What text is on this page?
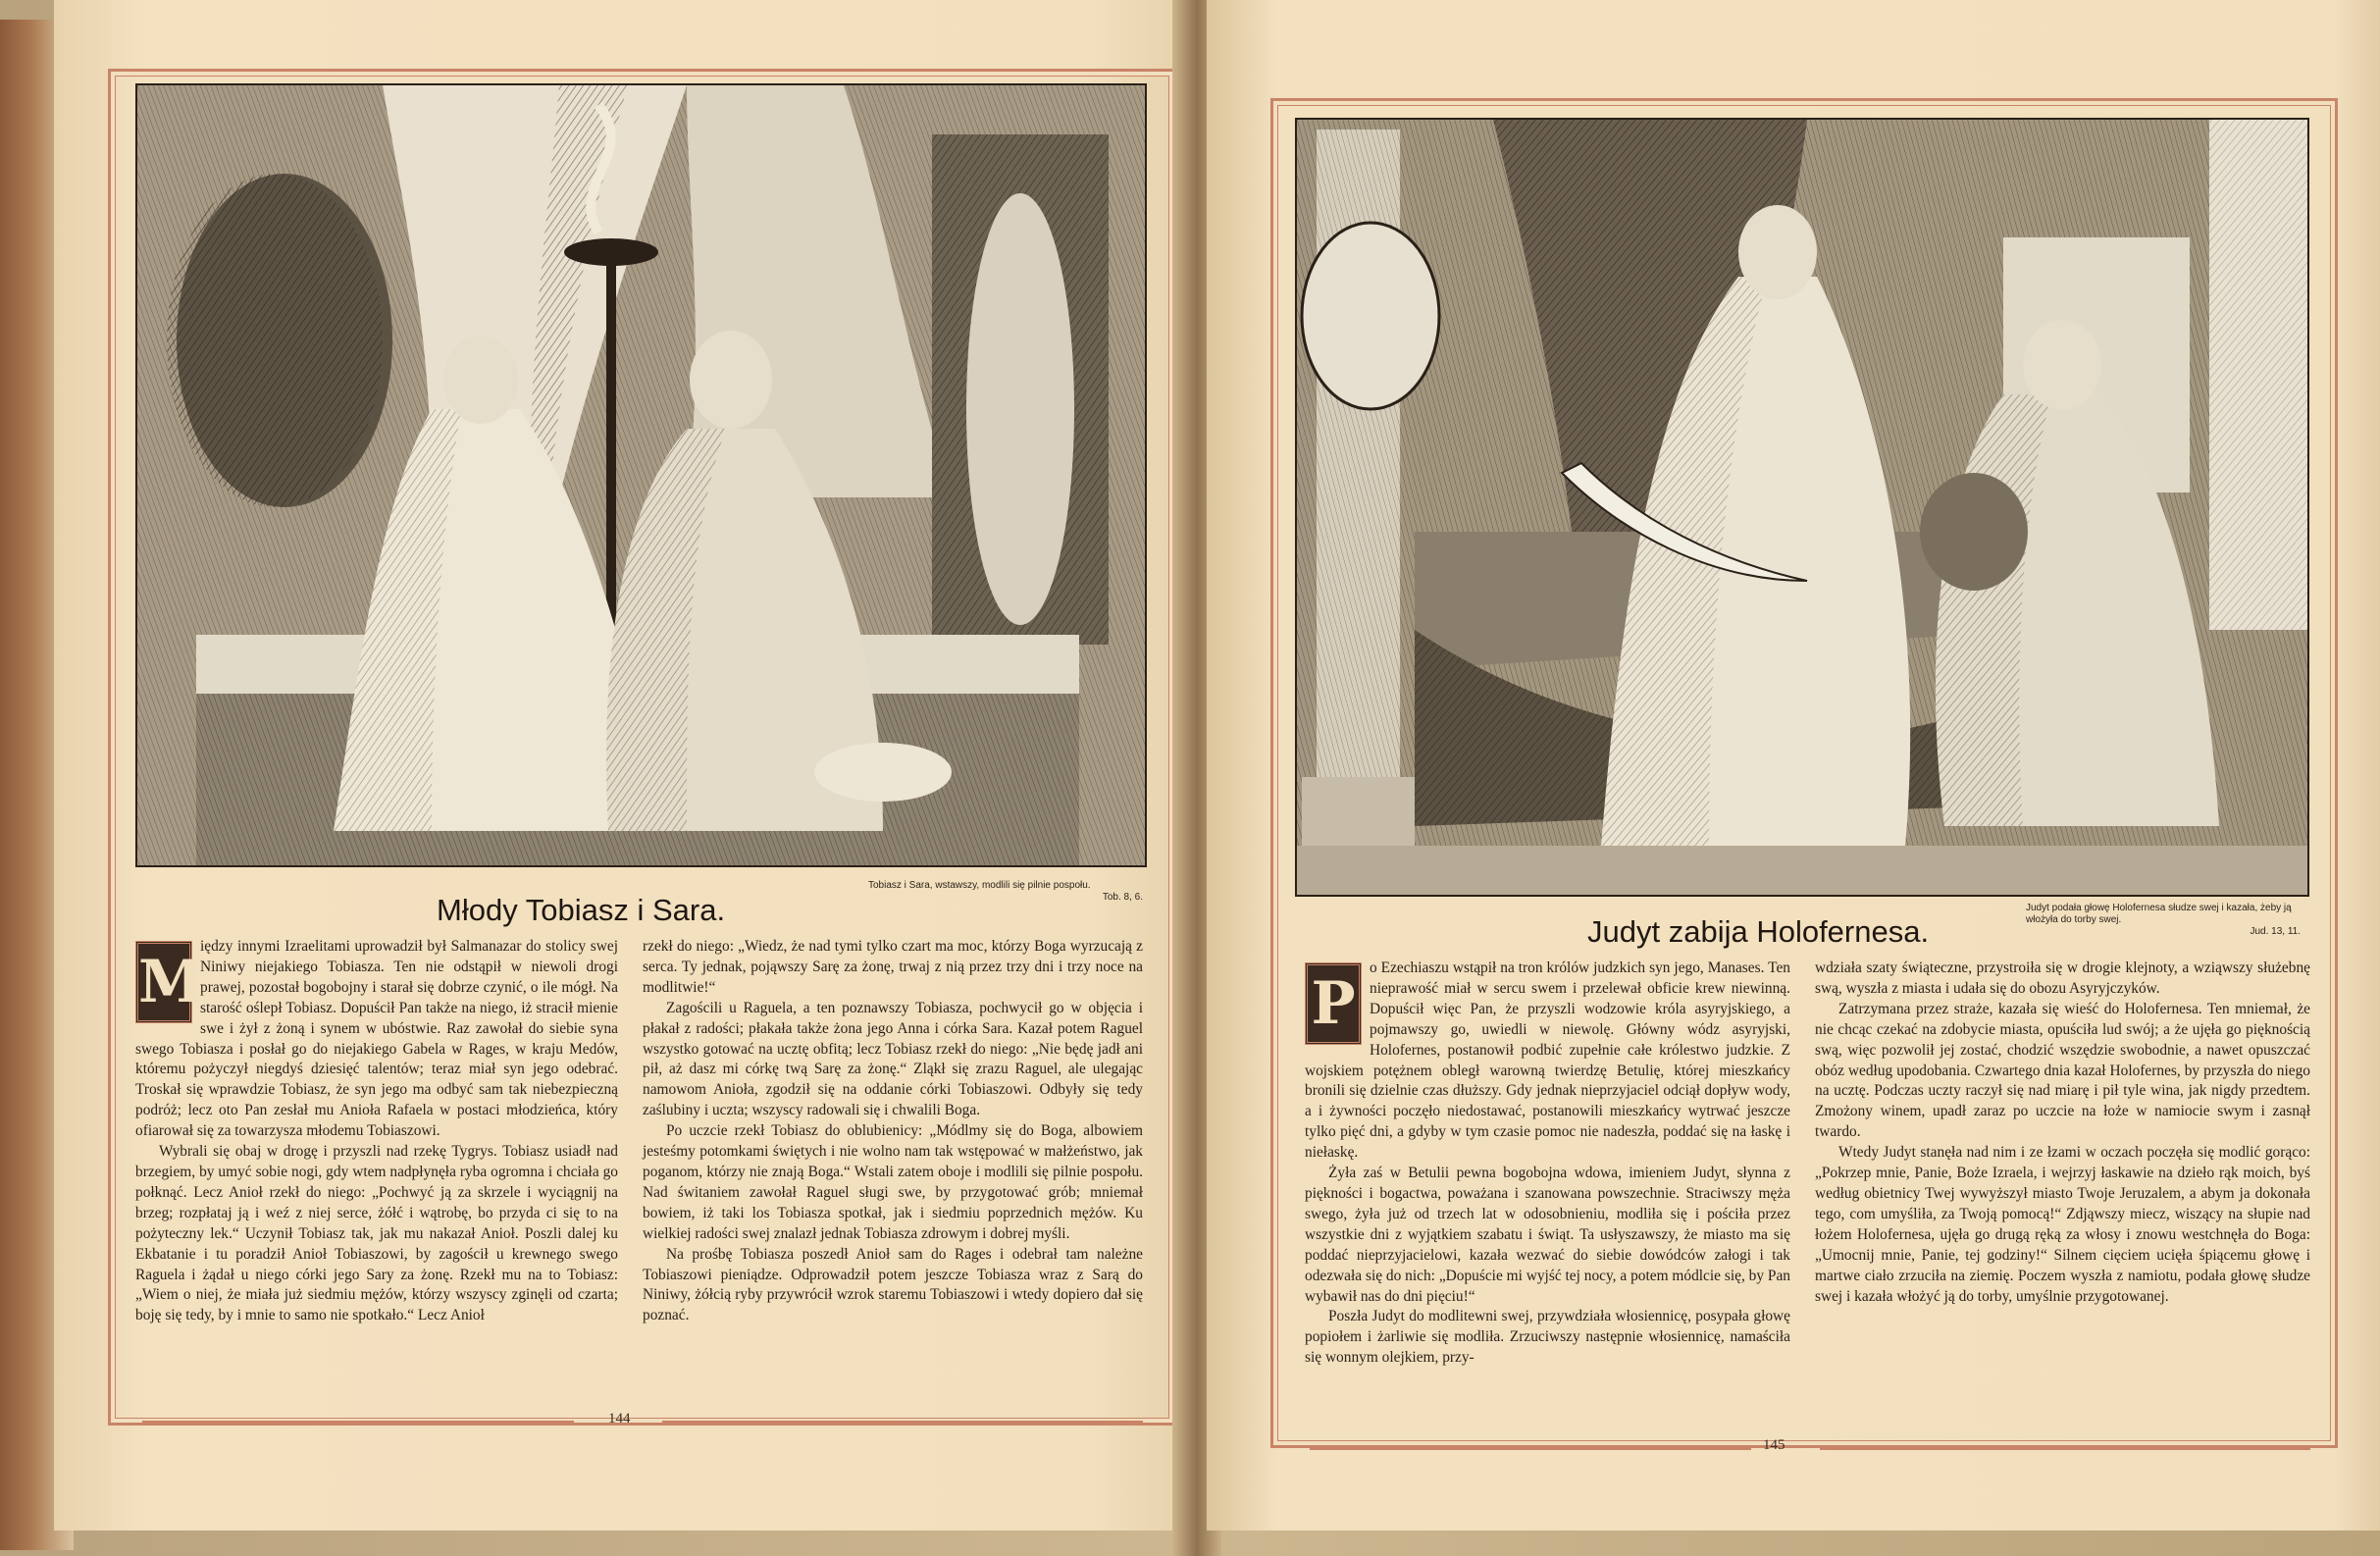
Tobiasz i Sara, wstawszy, modlili się pilnie pospołu.
Tob. 8, 6.
Młody Tobiasz i Sara.
M

iędzy innymi Izraelitami uprowadził był Salmanazar do stolicy swej Niniwy niejakiego Tobiasza. Ten nie odstąpił w niewoli drogi prawej, pozostał bogobojny i starał się dobrze czynić, o ile mógł. Na starość oślepł Tobiasz. Dopuścił Pan także na niego, iż stracił mienie swe i żył z żoną i synem w ubóstwie. Raz zawołał do siebie syna swego Tobiasza i posłał go do niejakiego Gabela w Rages, w kraju Medów, któremu pożyczył niegdyś dziesięć talentów; teraz miał syn jego odebrać. Troskał się wprawdzie Tobiasz, że syn jego ma odbyć sam tak niebezpieczną podróż; lecz oto Pan zesłał mu Anioła Rafaela w postaci młodzieńca, który ofiarował się za towarzysza młodemu Tobiaszowi.

Wybrali się obaj w drogę i przyszli nad rzekę Tygrys. Tobiasz usiadł nad brzegiem, by umyć sobie nogi, gdy wtem nadpłynęła ryba ogromna i chciała go połknąć. Lecz Anioł rzekł do niego: „Pochwyć ją za skrzele i wyciągnij na brzeg; rozpłataj ją i weź z niej serce, żółć i wątrobę, bo przyda ci się to na pożyteczny lek.“ Uczynił Tobiasz tak, jak mu nakazał Anioł. Poszli dalej ku Ekbatanie i tu poradził Anioł Tobiaszowi, by zagościł u krewnego swego Raguela i żądał u niego córki jego Sary za żonę. Rzekł mu na to Tobiasz: „Wiem o niej, że miała już siedmiu mężów, którzy wszyscy zginęli od czarta; boję się tedy, by i mnie to samo nie spotkało.“ Lecz Anioł

rzekł do niego: „Wiedz, że nad tymi tylko czart ma moc, którzy Boga wyrzucają z serca. Ty jednak, pojąwszy Sarę za żonę, trwaj z nią przez trzy dni i trzy noce na modlitwie!“

Zagościli u Raguela, a ten poznawszy Tobiasza, pochwycił go w objęcia i płakał z radości; płakała także żona jego Anna i córka Sara. Kazał potem Raguel wszystko gotować na ucztę obfitą; lecz Tobiasz rzekł do niego: „Nie będę jadł ani pił, aż dasz mi córkę twą Sarę za żonę.“ Zląkł się zrazu Raguel, ale ulegając namowom Anioła, zgodził się na oddanie córki Tobiaszowi. Odbyły się tedy zaślubiny i uczta; wszyscy radowali się i chwalili Boga.

Po uczcie rzekł Tobiasz do oblubienicy: „Módlmy się do Boga, albowiem jesteśmy potomkami świętych i nie wolno nam tak wstępować w małżeństwo, jak poganom, którzy nie znają Boga.“ Wstali zatem oboje i modlili się pilnie pospołu. Nad świtaniem zawołał Raguel sługi swe, by przygotować grób; mniemał bowiem, iż taki los Tobiasza spotkał, jak i siedmiu poprzednich mężów. Ku wielkiej radości swej znalazł jednak Tobiasza zdrowym i dobrej myśli.

Na prośbę Tobiasza poszedł Anioł sam do Rages i odebrał tam należne Tobiaszowi pieniądze. Odprowadził potem jeszcze Tobiasza wraz z Sarą do Niniwy, żółcią ryby przywrócił wzrok staremu Tobiaszowi i wtedy dopiero dał się poznać.

144
Judyt podała głowę Holofernesa słudze swej i kazała, żeby ją włożyła do torby swej.
Jud. 13, 11.
Judyt zabija Holofernesa.
P

o Ezechiaszu wstąpił na tron królów judzkich syn jego, Manases. Ten nieprawość miał w sercu swem i przelewał obficie krew niewinną. Dopuścił więc Pan, że przyszli wodzowie króla asyryjskiego, a pojmawszy go, uwiedli w niewolę. Główny wódz asyryjski, Holofernes, postanowił podbić zupełnie całe królestwo judzkie. Z wojskiem potężnem obległ warowną twierdzę Betulię, której mieszkańcy bronili się dzielnie czas dłuższy. Gdy jednak nieprzyjaciel odciął dopływ wody, a i żywności poczęło niedostawać, postanowili mieszkańcy wytrwać jeszcze tylko pięć dni, a gdyby w tym czasie pomoc nie nadeszła, poddać się na łaskę i niełaskę.

Żyła zaś w Betulii pewna bogobojna wdowa, imieniem Judyt, słynna z piękności i bogactwa, poważana i szanowana powszechnie. Straciwszy męża swego, żyła już od trzech lat w odosobnieniu, modliła się i pościła przez wszystkie dni z wyjątkiem szabatu i świąt. Ta usłyszawszy, że miasto ma się poddać nieprzyjacielowi, kazała wezwać do siebie dowódców załogi i tak odezwała się do nich: „Dopuście mi wyjść tej nocy, a potem módlcie się, by Pan wybawił nas do dni pięciu!“

Poszła Judyt do modlitewni swej, przywdziała włosiennicę, posypała głowę popiołem i żarliwie się modliła. Zrzuciwszy następnie włosiennicę, namaściła się wonnym olejkiem, przy-

wdziała szaty świąteczne, przystroiła się w drogie klejnoty, a wziąwszy służebnę swą, wyszła z miasta i udała się do obozu Asyryjczyków.

Zatrzymana przez straże, kazała się wieść do Holofernesa. Ten mniemał, że nie chcąc czekać na zdobycie miasta, opuściła lud swój; a że ujęła go pięknością swą, więc pozwolił jej zostać, chodzić wszędzie swobodnie, a nawet opuszczać obóz według upodobania. Czwartego dnia kazał Holofernes, by przyszła do niego na ucztę. Podczas uczty raczył się nad miarę i pił tyle wina, jak nigdy przedtem. Zmożony winem, upadł zaraz po uczcie na łoże w namiocie swym i zasnął twardo.

Wtedy Judyt stanęła nad nim i ze łzami w oczach poczęła się modlić gorąco: „Pokrzep mnie, Panie, Boże Izraela, i wejrzyj łaskawie na dzieło rąk moich, byś według obietnicy Twej wywyższył miasto Twoje Jeruzalem, a abym ja dokonała tego, com umyśliła, za Twoją pomocą!“ Zdjąwszy miecz, wiszący na słupie nad łożem Holofernesa, ujęła go drugą ręką za włosy i znowu westchnęła do Boga: „Umocnij mnie, Panie, tej godziny!“ Silnem cięciem ucięła śpiącemu głowę i martwe ciało zrzuciła na ziemię. Poczem wyszła z namiotu, podała głowę słudze swej i kazała włożyć ją do torby, umyślnie przygotowanej.

145
